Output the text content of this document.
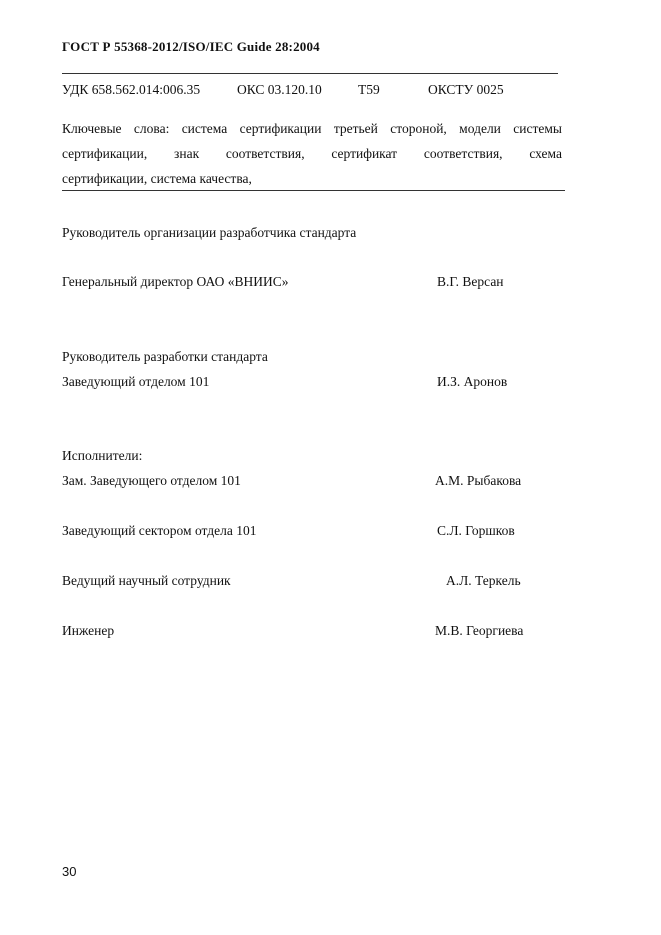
ГОСТ Р 55368-2012/ISO/IEC Guide 28:2004
УДК 658.562.014:006.35	ОКС 03.120.10	Т59	ОКСТУ 0025
Ключевые слова: система сертификации третьей стороной, модели системы
сертификации, знак соответствия, сертификат соответствия, схема
сертификации, система качества,
Руководитель организации разработчика стандарта
Генеральный директор ОАО «ВНИИС»	В.Г. Версан
Руководитель разработки стандарта
Заведующий отделом 101	И.З. Аронов
Исполнители:
Зам. Заведующего отделом 101	А.М. Рыбакова
Заведующий сектором отдела 101	С.Л. Горшков
Ведущий научный сотрудник	А.Л. Теркель
Инженер	М.В. Георгиева
30
